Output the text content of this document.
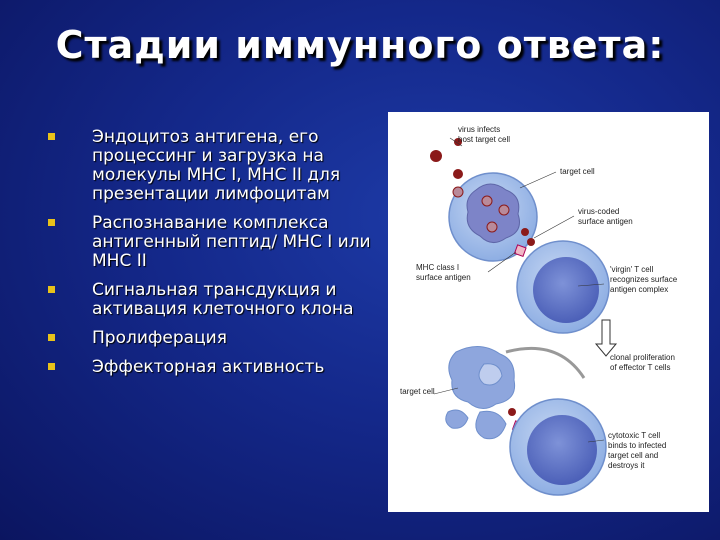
Стадии иммунного ответа:
Эндоцитоз антигена, его процессинг и загрузка на молекулы MHC I, MHC II для презентации лимфоцитам
Распознавание комплекса антигенный пептид/ MHC I или MHC II
Сигнальная трансдукция и активация клеточного клона
Пролиферация
Эффекторная активность
virus infects
host target cell
target cell
virus-coded
surface antigen
MHC class I
surface antigen
'virgin' T cell
recognizes surface
antigen complex
clonal proliferation
of effector T cells
target cell
cytotoxic T cell
binds to infected
target cell and
destroys it
